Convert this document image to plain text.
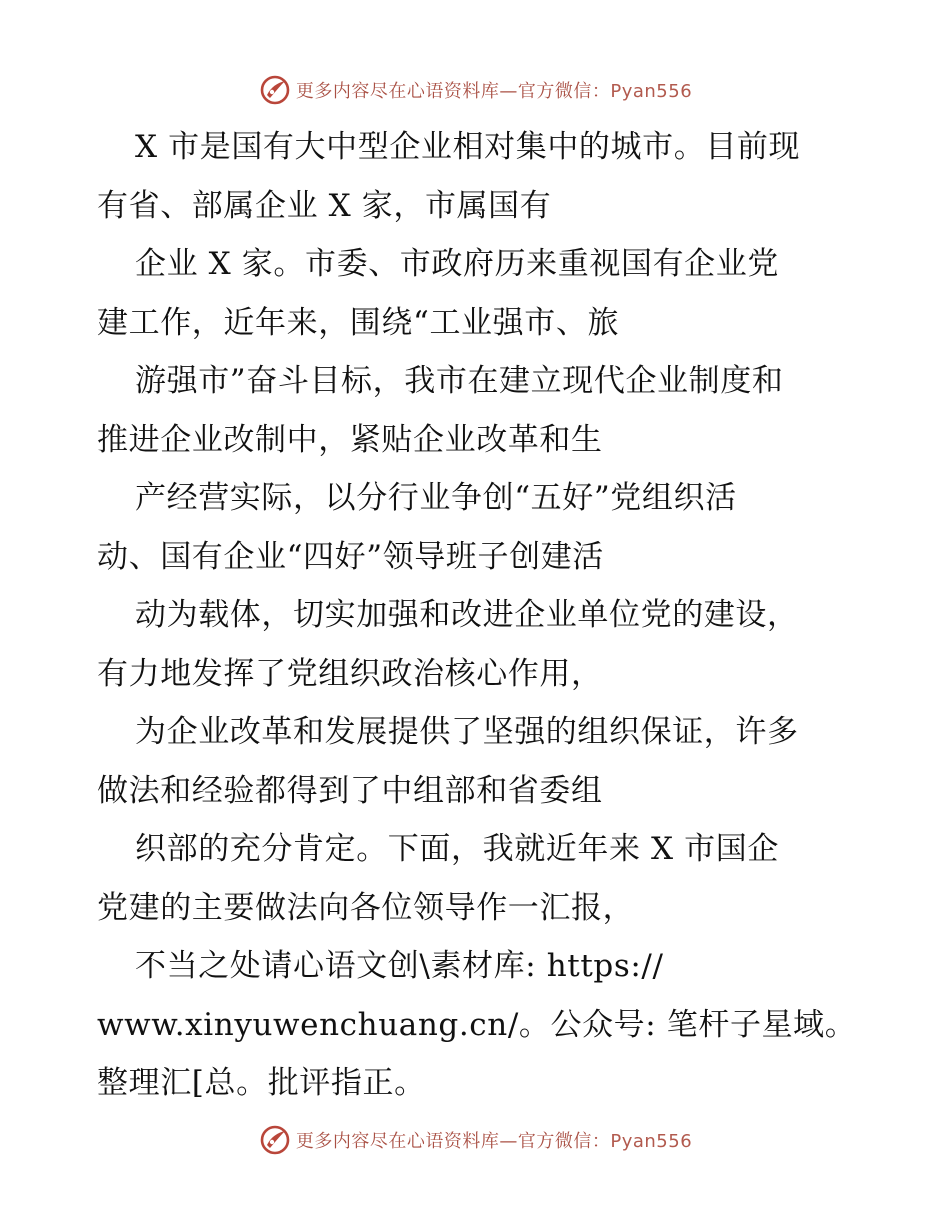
更多内容尽在心语资料库—官方微信：Pyan556
X 市是国有大中型企业相对集中的城市。目前现
有省、部属企业 X 家，市属国有
企业 X 家。市委、市政府历来重视国有企业党
建工作，近年来，围绕“工业强市、旅
游强市”奋斗目标，我市在建立现代企业制度和
推进企业改制中，紧贴企业改革和生
产经营实际，以分行业争创“五好”党组织活
动、国有企业“四好”领导班子创建活
动为载体，切实加强和改进企业单位党的建设，
有力地发挥了党组织政治核心作用，
为企业改革和发展提供了坚强的组织保证，许多
做法和经验都得到了中组部和省委组
织部的充分肯定。下面，我就近年来 X 市国企
党建的主要做法向各位领导作一汇报，
不当之处请心语文创\素材库: https://
www.xinyuwenchuang.cn/。公众号: 笔杆子星域。
整理汇[总。批评指正。
更多内容尽在心语资料库—官方微信：Pyan556
